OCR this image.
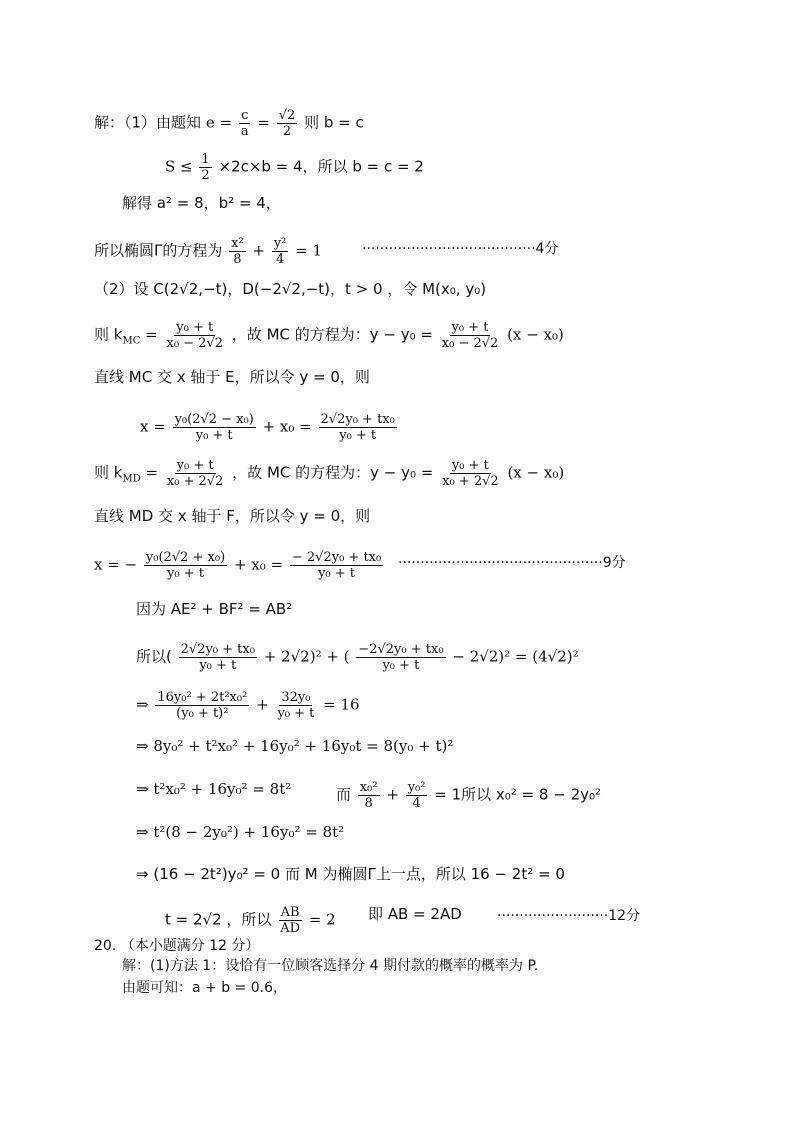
解：（1）由题知 $e = \frac{c}{a} = \frac{√2}{2}$ 则 b = c
$S \le \frac{1}{2} \times 2c\times b = 4$，所以 b = c = 2
解得 a² = 8，b² = 4，
所以椭圆Γ的方程为 $\frac{\text{x²}}{8} + \frac{\text{y²}}{4} = 1$	·······································4分
（2）设 C(2√2,−t)，D(−2√2,−t)，t > 0 ，令 M(x₀, y₀)
则 $k_{MC} = \frac{\text{y₀ + t}}{\text{x₀ − 2√2}}$ ，故 MC 的方程为：$y - y_0 = \frac{\text{y₀ + t}}{\text{x₀ − 2√2}} (x - x_0)$
直线 MC 交 x 轴于 E，所以令 y = 0，则
$x = \frac{\text{y₀(2√2 − x₀)}}{\text{y₀ + t}} + x_0 = \frac{\text{2√2y₀ + tx₀}}{\text{y₀ + t}}$
则 $k_{MD} = \frac{\text{y₀ + t}}{\text{x₀ + 2√2}}$ ，故 MC 的方程为：$y - y_0 = \frac{\text{y₀ + t}}{\text{x₀ + 2√2}} (x - x_0)$
直线 MD 交 x 轴于 F，所以令 y = 0，则
x = − $\frac{\text{y₀(2√2 + x₀)}}{\text{y₀ + t}} + x_0 = \frac{\text{− 2√2y₀ + tx₀}}{\text{y₀ + t}} \cdot\cdot\cdot\cdot\cdot\cdot\cdot\cdot\cdot\cdot\cdot\cdot\cdot\cdot\cdot\cdot\cdot\cdot\cdot\cdot\cdot\cdot\cdot\cdot\cdot\cdot\cdot\cdot\cdot\cdot\cdot\cdot\cdot\cdot\cdot\cdot\cdot\cdot\cdot\cdot\cdot\cdot\cdot\cdot\cdot\cdot 9$分
因为 AE² + BF² = AB²
所以( $\frac{\text{2√2y₀ + tx₀}}{\text{y₀ + t}} + 2√2)^2$ + ( $\frac{\text{−2√2y₀ + tx₀}}{\text{y₀ + t}} - 2√2)^2 = (4√2)^2$
⇒ $\frac{\text{16y₀² + 2t²x₀²}}{\text{(y₀ + t)²}} + \frac{\text{32y₀}}{\text{y₀ + t}} = 16$
⇒ 8y₀² + t²x₀² + 16y₀² + 16y₀t = 8(y₀ + t)²
⇒ t²x₀² + 16y₀² = 8t²	而 $\frac{\text{x₀²}}{8} + \frac{\text{y₀²}}{4} = 1$所以 x₀² = 8 − 2y₀²
⇒ t²(8 − 2y₀²) + 16y₀² = 8t²
⇒ (16 − 2t²)y₀² = 0 而 M 为椭圆Γ上一点，所以 16 − 2t² = 0
t = 2√2 ，所以 $\frac{AB}{AD} = 2$ 即 AB = 2AD	·························12分
20. （本小题满分 12 分）
解：(1)方法 1：设恰有一位顾客选择分 4 期付款的概率的概率为 P.
由题可知：a + b = 0.6，
